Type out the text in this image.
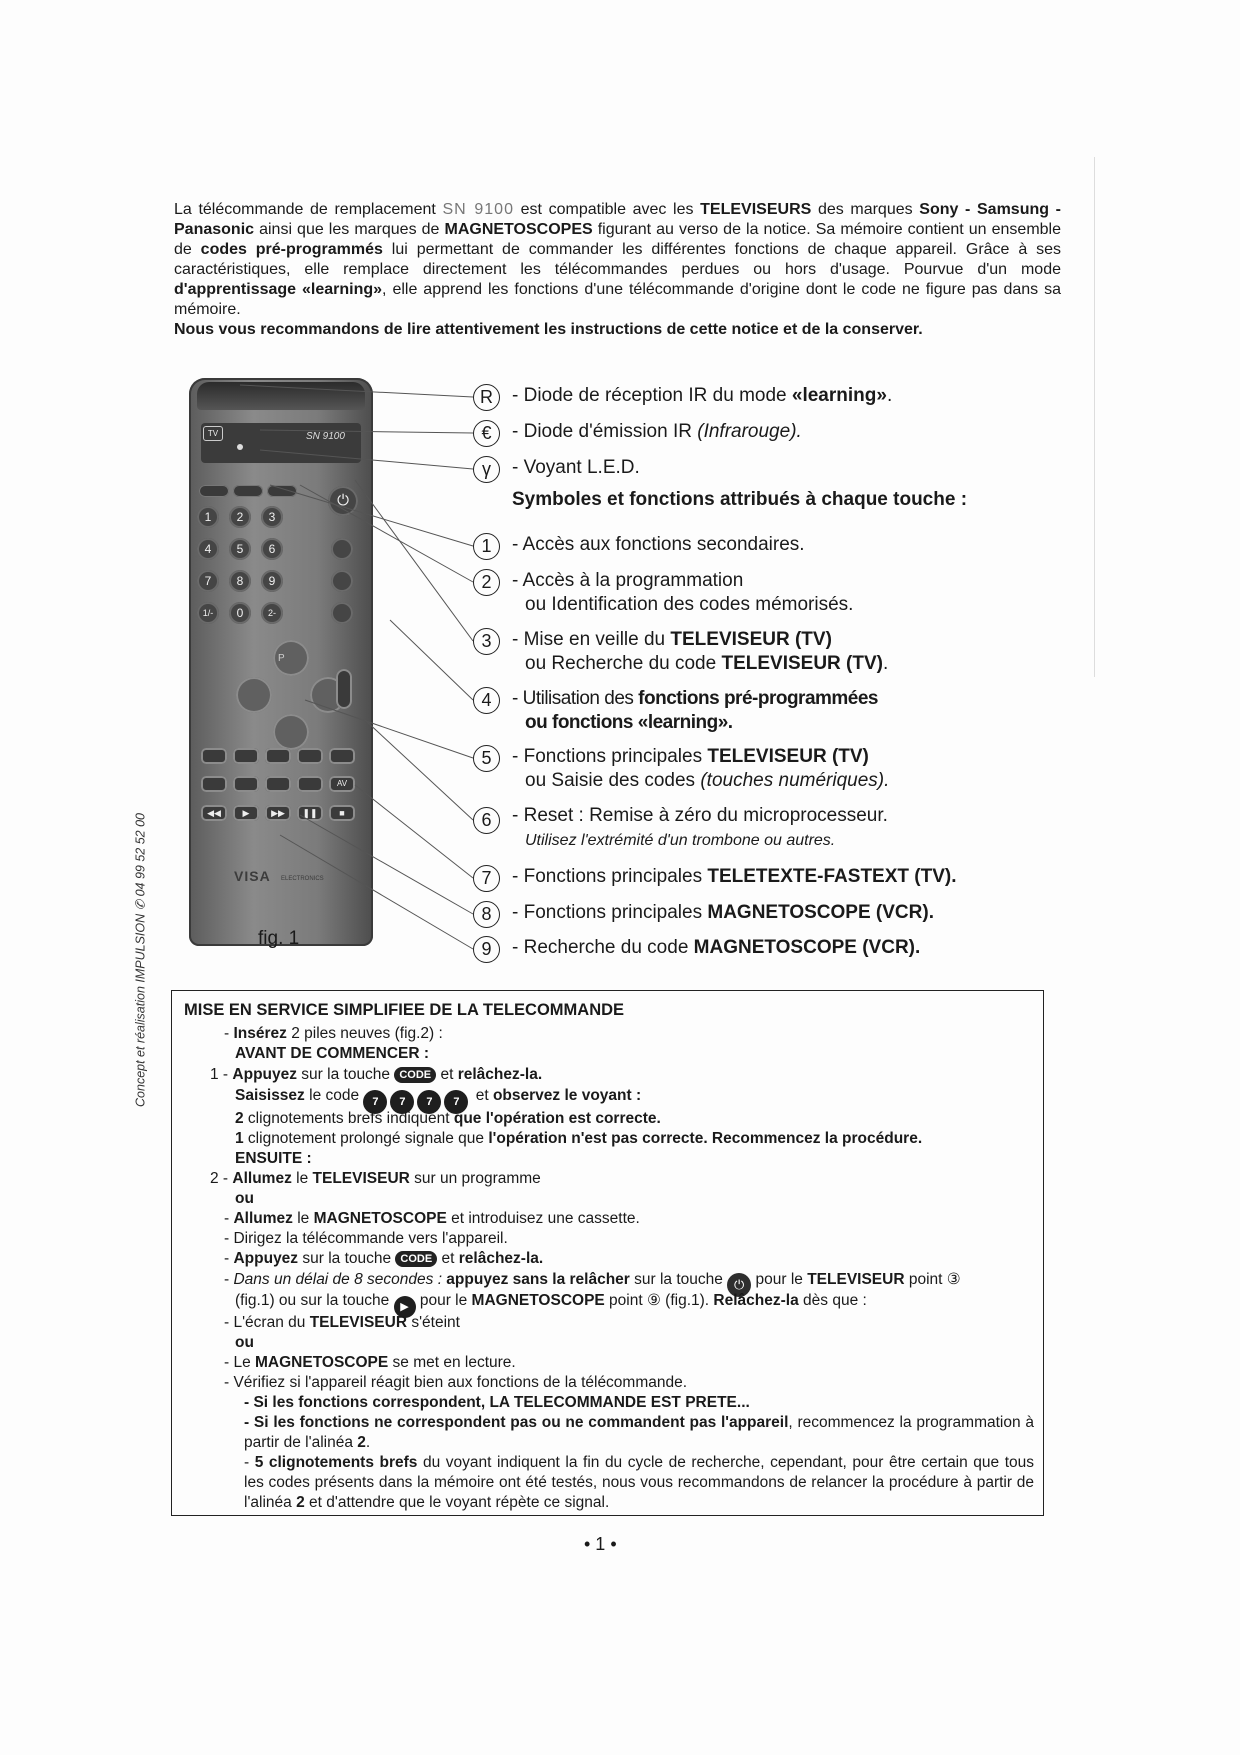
La télécommande de remplacement SN 9100 est compatible avec les TELEVISEURS des marques Sony - Samsung - Panasonic ainsi que les marques de MAGNETOSCOPES figurant au verso de la notice. Sa mémoire contient un ensemble de codes pré-programmés lui permettant de commander les différentes fonctions de chaque appareil. Grâce à ses caractéristiques, elle remplace directement les télécommandes perdues ou hors d'usage. Pourvue d'un mode d'apprentissage «learning», elle apprend les fonctions d'une télécommande d'origine dont le code ne figure pas dans sa mémoire.

Nous vous recommandons de lire attentivement les instructions de cette notice et de la conserver.

Concept et réalisation IMPULSION ✆ 04 99 52 52 00
TV	SN 9100
⏻
1	2	3
4	5	6
7	8	9
1/-	0	2-
P
AV
◀◀	▶	▶▶	❚❚	■
VISA ELECTRONICS
R	- Diode de réception IR du mode «learning».
€	- Diode d'émission IR (Infrarouge).
γ	- Voyant L.E.D.
Symboles et fonctions attribués à chaque touche :
1	- Accès aux fonctions secondaires.
2	- Accès à la programmation
ou Identification des codes mémorisés.
3	- Mise en veille du TELEVISEUR (TV)
ou Recherche du code TELEVISEUR (TV).
4	- Utilisation des fonctions pré-programmées
ou fonctions «learning».
5	- Fonctions principales TELEVISEUR (TV)
ou Saisie des codes (touches numériques).
6	- Reset : Remise à zéro du microprocesseur.
Utilisez l'extrémité d'un trombone ou autres.
7	- Fonctions principales TELETEXTE-FASTEXT (TV).
8	- Fonctions principales MAGNETOSCOPE (VCR).
9	- Recherche du code MAGNETOSCOPE (VCR).
fig. 1
MISE EN SERVICE SIMPLIFIEE DE LA TELECOMMANDE
- Insérez 2 piles neuves (fig.2) :
AVANT DE COMMENCER :
1 - Appuyez sur la touche CODE et relâchez-la.
Saisissez le code 7 7 7 7 et observez le voyant :
2 clignotements brefs indiquent que l'opération est correcte.
1 clignotement prolongé signale que l'opération n'est pas correcte. Recommencez la procédure.
ENSUITE :
2 - Allumez le TELEVISEUR sur un programme
ou
- Allumez le MAGNETOSCOPE et introduisez une cassette.
- Dirigez la télécommande vers l'appareil.
- Appuyez sur la touche CODE et relâchez-la.
- Dans un délai de 8 secondes : appuyez sans la relâcher sur la touche ⏻ pour le TELEVISEUR point ③
(fig.1) ou sur la touche ▶ pour le MAGNETOSCOPE point ⑨ (fig.1). Relâchez-la dès que :
- L'écran du TELEVISEUR s'éteint
ou
- Le MAGNETOSCOPE se met en lecture.
- Vérifiez si l'appareil réagit bien aux fonctions de la télécommande.
- Si les fonctions correspondent, LA TELECOMMANDE EST PRETE...
- Si les fonctions ne correspondent pas ou ne commandent pas l'appareil, recommencez la programmation à partir de l'alinéa 2.
- 5 clignotements brefs du voyant indiquent la fin du cycle de recherche, cependant, pour être certain que tous les codes présents dans la mémoire ont été testés, nous vous recommandons de relancer la procédure à partir de l'alinéa 2 et d'attendre que le voyant répète ce signal.
• 1 •
